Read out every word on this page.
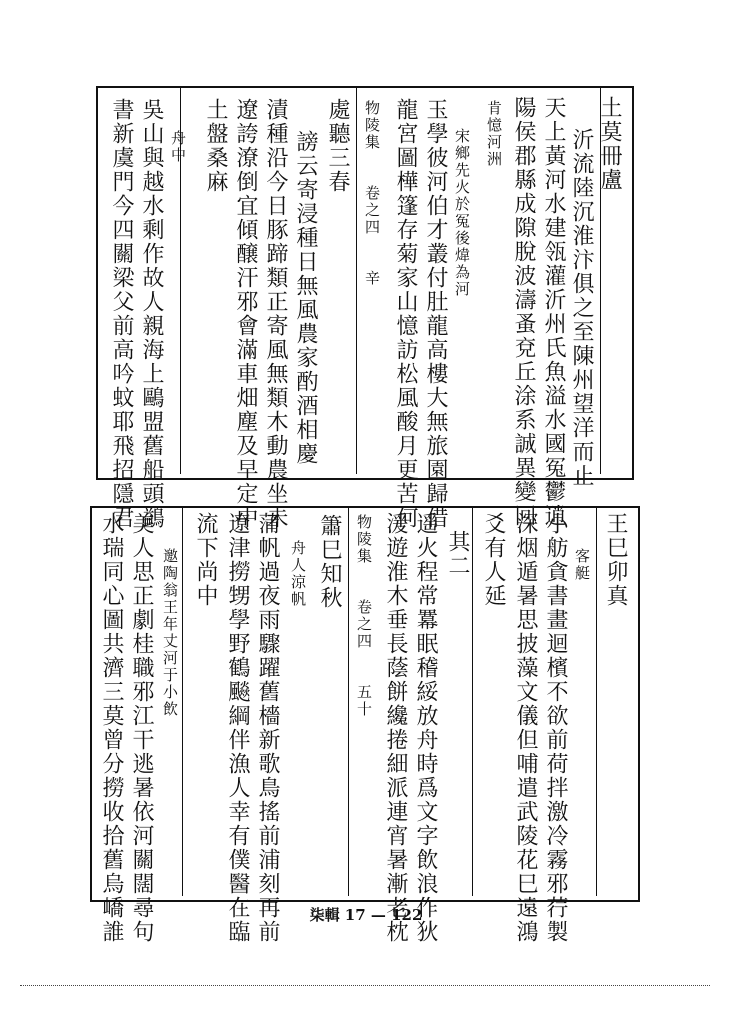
土莫冊盧
沂流陸沉淮汴俱之至陳州望洋而止
天上黃河水建瓴灌沂州氏魚溢水國冤鬱逍
陽侯郡縣成隙脫波濤蚤兗丘涂系誠異變回
肯憶河洲
宋鄉先火於冤後煒為河
玉學彼河伯才叢付肚龍高樓大無旅園歸借
龍宮圖樺篷存菊家山憶訪松風酸月更苦何
物陵集　　卷之四　　辛
處聽三春
謗云寄浸種日無風農家酌酒相慶
漬種沿今日豚蹄類正寄風無類木動農坐未
遼誇潦倒宜傾醸汗邪會滿車畑塵及早定中
土盤桑麻
舟中
吳山與越水剩作故人親海上鷗盟舊船頭鷁
書新虞門今四關梁父前高吟蚊耶飛招隱君
王巳卯真
客艇
小舫貪書畫迴檳不欲前荷拌激冷霧邪荇製
深烟遁暑思披藻文儀但哺遣武陵花巳遠鴻
爻有人延
其二
遥火程常羃眠稽綏放舟時爲文字飲浪作狄
湲遊淮木垂長蔭餅纔捲細派連宵暑漸老枕
物陵集　　卷之四　　五十
簫巳知秋
舟人涼帆
蒲帆過夜雨驟躍舊檣新歌鳥搖前浦刻再前
遼津撈甥學野鶴飈綱伴漁人幸有僕醫在臨
流下尚中
邀陶翁王年丈河于小飲
美人思正劇桂職邪江干逃暑依河關闊尋句
水瑞同心圖共濟三莫曾分撈收拾舊烏嶠誰	柒輯 17 — 122
